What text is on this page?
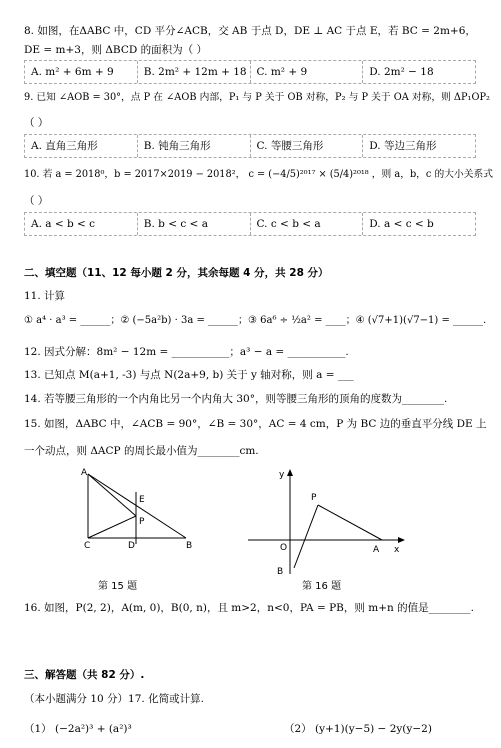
8. 如图，在ΔABC 中，CD 平分∠ACB，交 AB 于点 D，DE ⊥ AC 于点 E，若 BC = 2m+6，
DE = m+3，则 ΔBCD 的面积为（ ）
A. m² + 6m + 9	B. 2m² + 12m + 18 C. m² + 9	D. 2m² − 18
9. 已知 ∠AOB = 30°，点 P 在 ∠AOB 内部，P₁ 与 P 关于 OB 对称，P₂ 与 P 关于 OA 对称，则 ΔP₁OP₂
（ ）
A. 直角三角形	B. 钝角三角形	C. 等腰三角形	D. 等边三角形
10. 若 a = 2018⁰，b = 2017×2019 − 2018²， c = (−4/5)²⁰¹⁷ × (5/4)²⁰¹⁸ ，则 a，b，c 的大小关系式
（ ）
A. a < b < c	B. b < c < a	C. c < b < a	D. a < c < b
二、填空题（11、12 每小题 2 分，其余每题 4 分，共 28 分）
11. 计算
① a⁴ · a³ = ______；② (−5a²b) · 3a = ______；③ 6a⁶ ÷ ½a² = ____；④ (√7+1)(√7−1) = ______.
12. 因式分解：8m² − 12m = ___________；a³ − a = ___________.
13. 已知点 M(a+1, -3) 与点 N(2a+9, b) 关于 y 轴对称，则 a = ___
14. 若等腰三角形的一个内角比另一个内角大 30°，则等腰三角形的顶角的度数为________.
15. 如图，ΔABC 中，∠ACB = 90°，∠B = 30°，AC = 4 cm，P 为 BC 边的垂直平分线 DE 上
一个动点，则 ΔACP 的周长最小值为________cm.
A
C	D	B
E
P
第 15 题
y
x
O
P
A
B
第 16 题
16. 如图，P(2, 2)，A(m, 0)，B(0, n)，且 m>2，n<0，PA = PB，则 m+n 的值是________.
三、解答题（共 82 分）.
（本小题满分 10 分）17. 化简或计算.
（1） (−2a²)³ + (a²)³	（2） (y+1)(y−5) − 2y(y−2)
